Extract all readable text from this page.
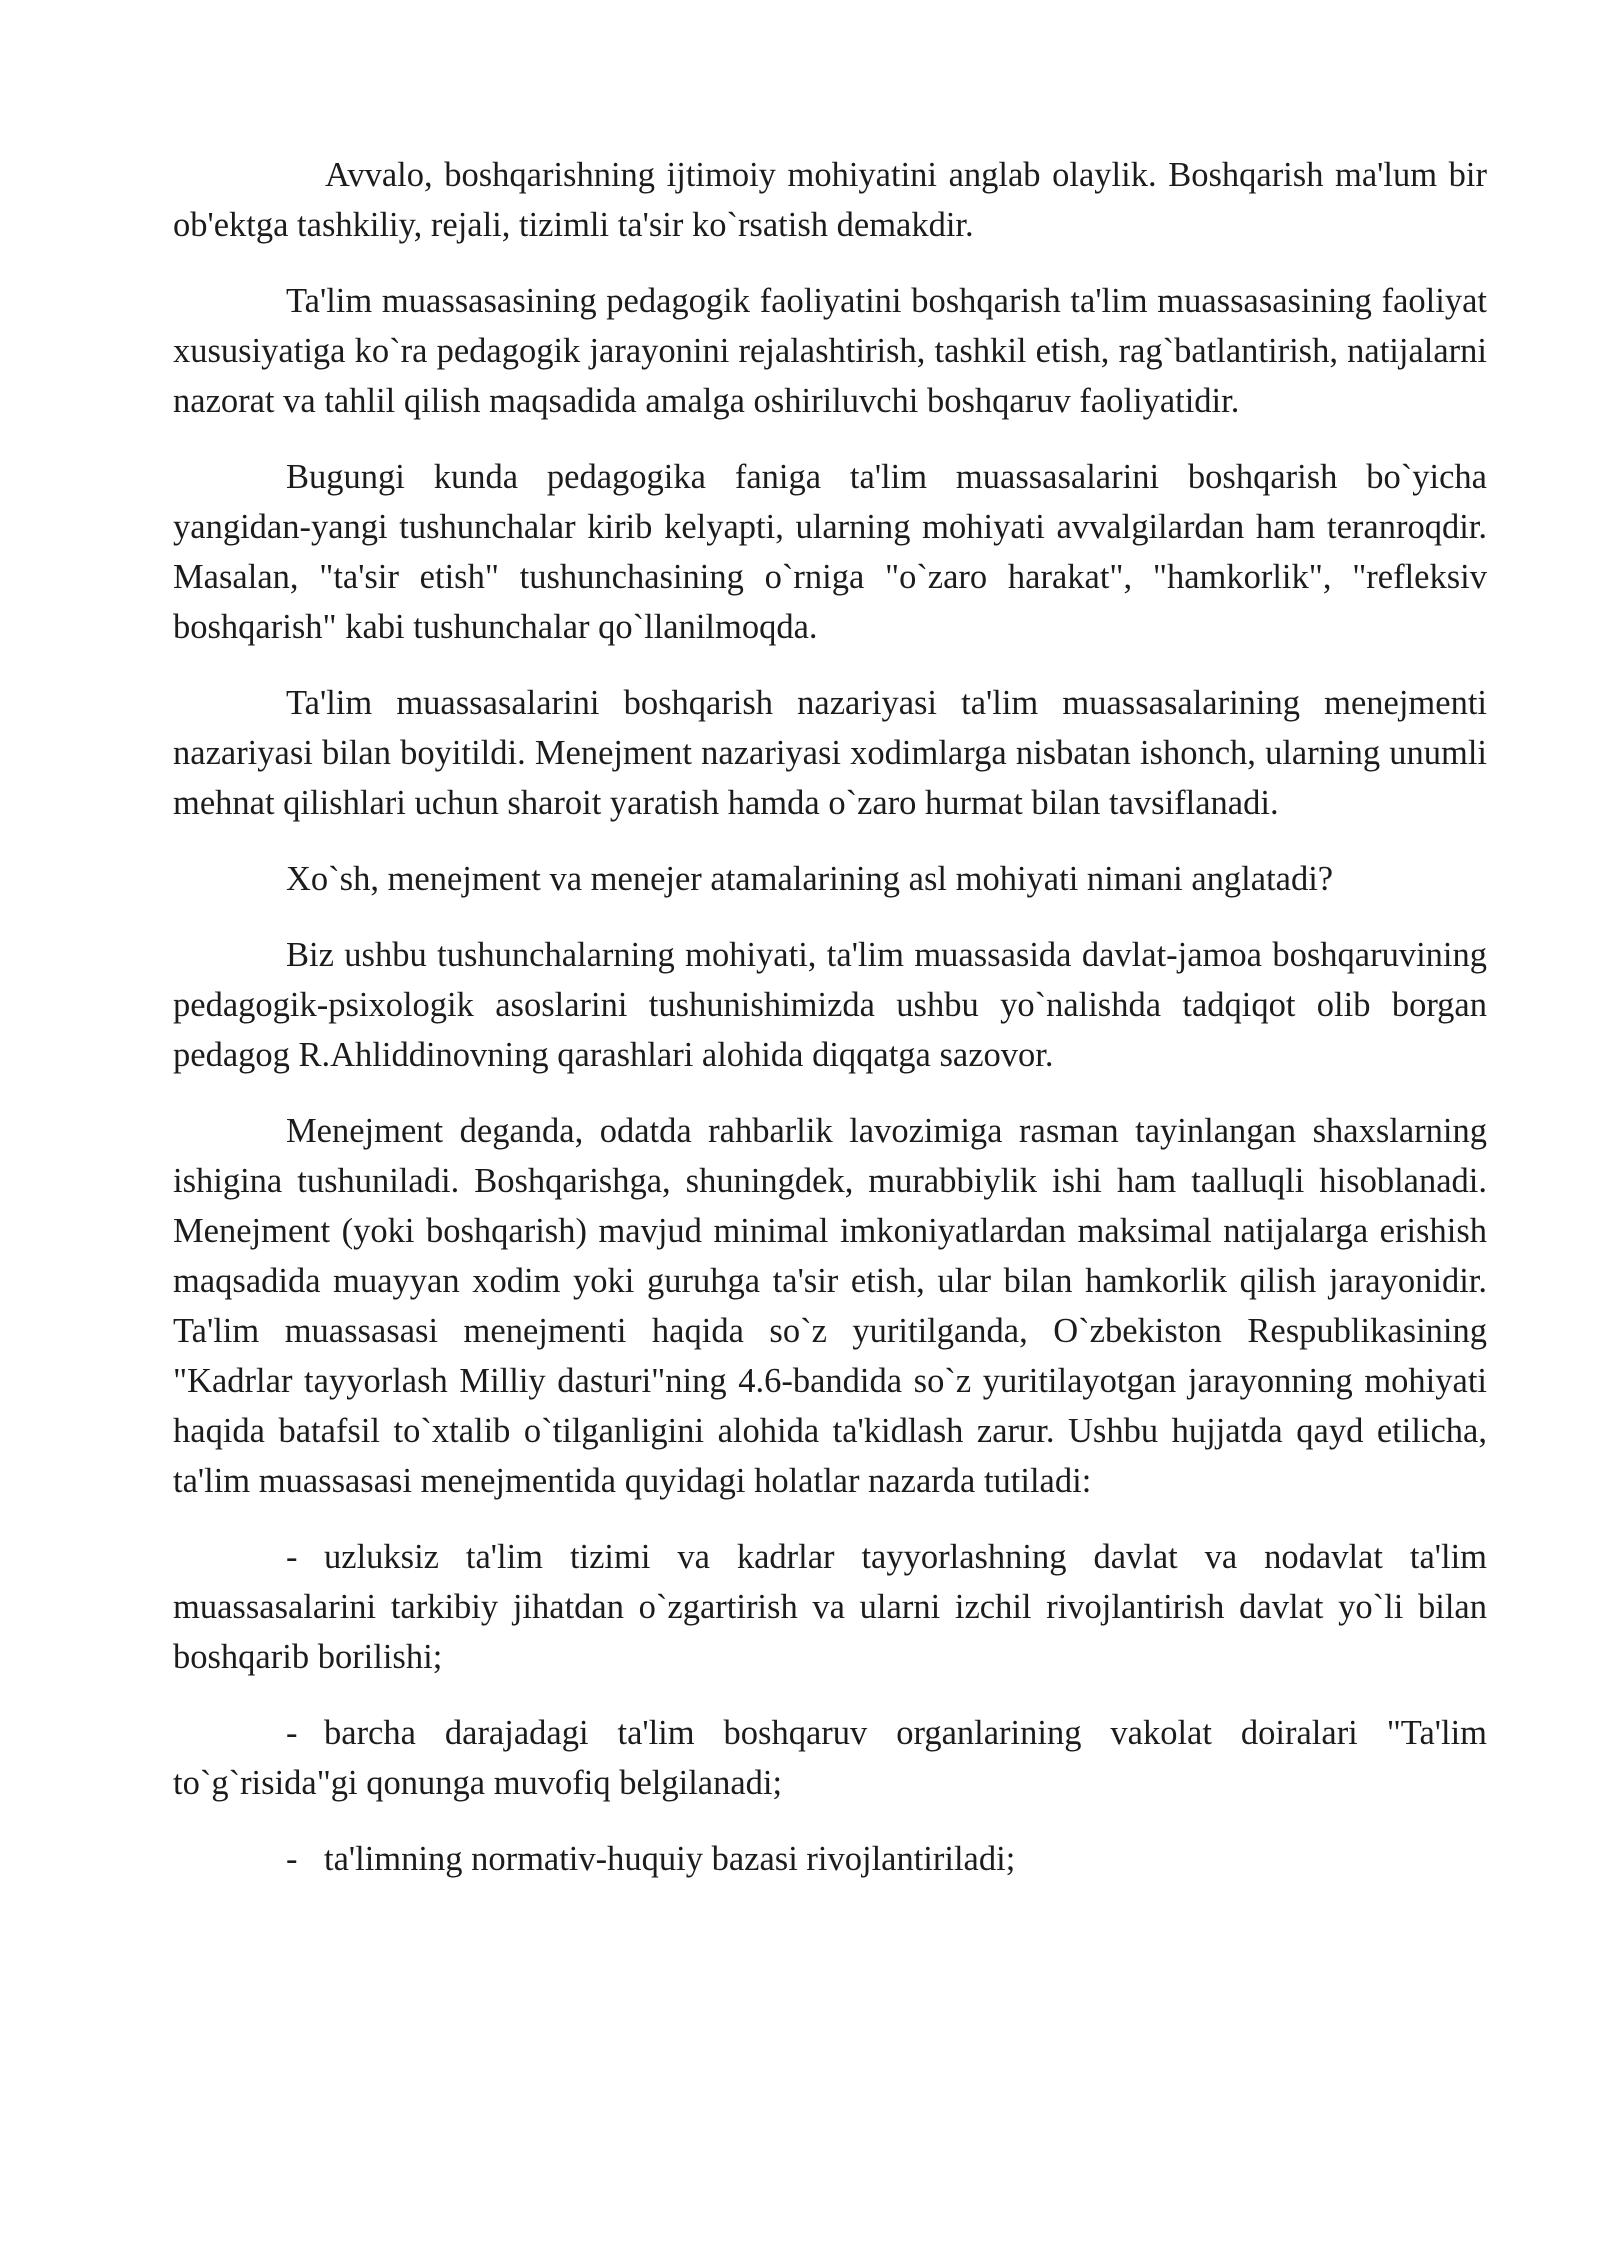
Avvalo, boshqarishning ijtimoiy mohiyatini anglab olaylik. Boshqarish ma'lum bir ob'ektga tashkiliy, rejali, tizimli ta'sir ko`rsatish demakdir.

Ta'lim muassasasining pedagogik faoliyatini boshqarish ta'lim muassasasining faoliyat xususiyatiga ko`ra pedagogik jarayonini rejalashtirish, tashkil etish, rag`batlantirish, natijalarni nazorat va tahlil qilish maqsadida amalga oshiriluvchi boshqaruv faoliyatidir.

Bugungi kunda pedagogika faniga ta'lim muassasalarini boshqarish bo`yicha yangidan-yangi tushunchalar kirib kelyapti, ularning mohiyati avvalgilardan ham teranroqdir. Masalan, "ta'sir etish" tushunchasining o`rniga "o`zaro harakat", "hamkorlik", "refleksiv boshqarish" kabi tushunchalar qo`llanilmoqda.

Ta'lim muassasalarini boshqarish nazariyasi ta'lim muassasalarining menejmenti nazariyasi bilan boyitildi. Menejment nazariyasi xodimlarga nisbatan ishonch, ularning unumli mehnat qilishlari uchun sharoit yaratish hamda o`zaro hurmat bilan tavsiflanadi.

Xo`sh, menejment va menejer atamalarining asl mohiyati nimani anglatadi?

Biz ushbu tushunchalarning mohiyati, ta'lim muassasida davlat-jamoa boshqaruvining pedagogik-psixologik asoslarini tushunishimizda ushbu yo`nalishda tadqiqot olib borgan pedagog R.Ahliddinovning qarashlari alohida diqqatga sazovor.

Menejment deganda, odatda rahbarlik lavozimiga rasman tayinlangan shaxslarning ishigina tushuniladi. Boshqarishga, shuningdek, murabbiylik ishi ham taalluqli hisoblanadi. Menejment (yoki boshqarish) mavjud minimal imkoniyatlardan maksimal natijalarga erishish maqsadida muayyan xodim yoki guruhga ta'sir etish, ular bilan hamkorlik qilish jarayonidir. Ta'lim muassasasi menejmenti haqida so`z yuritilganda, O`zbekiston Respublikasining "Kadrlar tayyorlash Milliy dasturi"ning 4.6-bandida so`z yuritilayotgan jarayonning mohiyati haqida batafsil to`xtalib o`tilganligini alohida ta'kidlash zarur. Ushbu hujjatda qayd etilicha, ta'lim muassasasi menejmentida quyidagi holatlar nazarda tutiladi:

- uzluksiz ta'lim tizimi va kadrlar tayyorlashning davlat va nodavlat ta'lim muassasalarini tarkibiy jihatdan o`zgartirish va ularni izchil rivojlantirish davlat yo`li bilan boshqarib borilishi;

- barcha darajadagi ta'lim boshqaruv organlarining vakolat doiralari "Ta'lim to`g`risida"gi qonunga muvofiq belgilanadi;

- ta'limning normativ-huquiy bazasi rivojlantiriladi;
